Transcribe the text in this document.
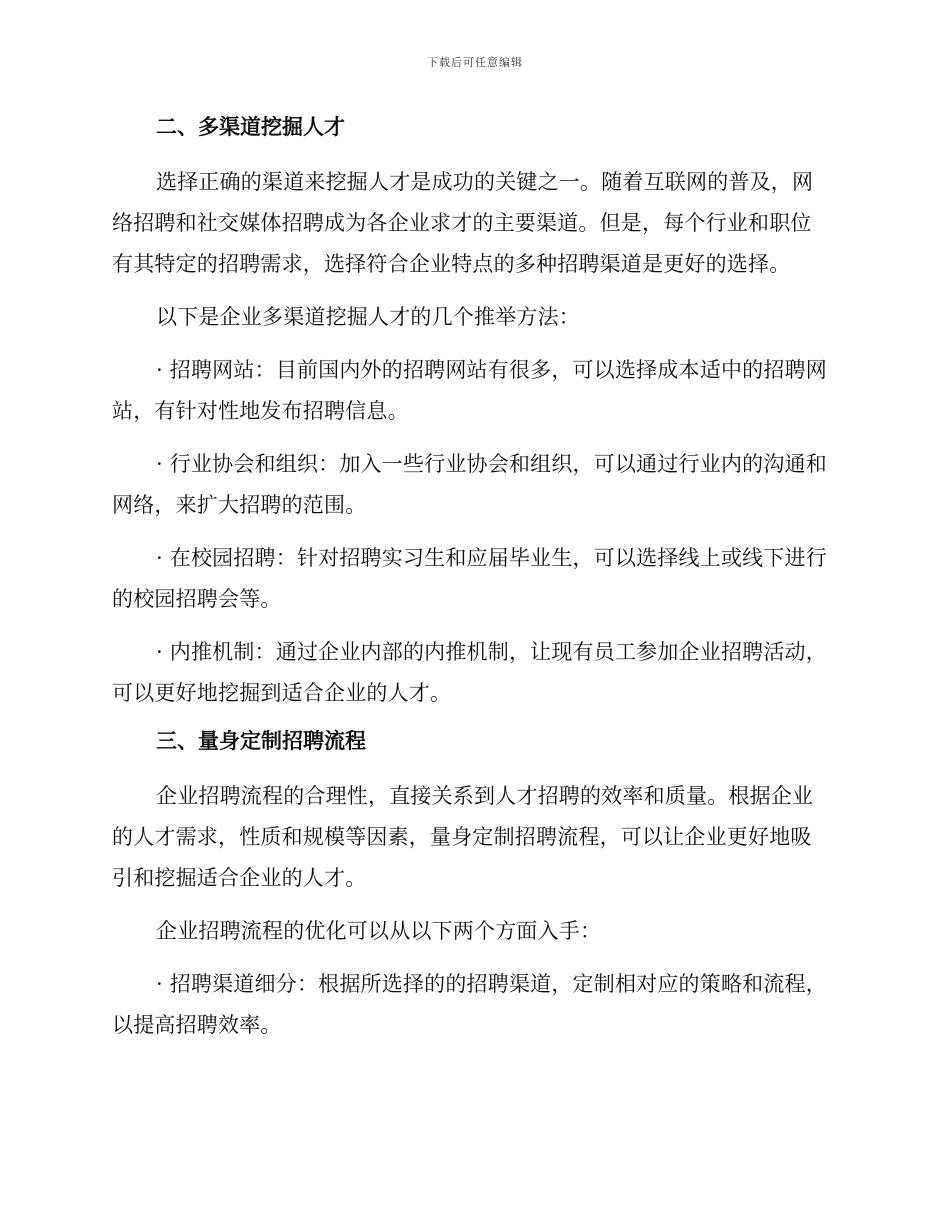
下载后可任意编辑
二、多渠道挖掘人才

选择正确的渠道来挖掘人才是成功的关键之一。随着互联网的普及，网络招聘和社交媒体招聘成为各企业求才的主要渠道。但是，每个行业和职位有其特定的招聘需求，选择符合企业特点的多种招聘渠道是更好的选择。

以下是企业多渠道挖掘人才的几个推举方法：

· 招聘网站：目前国内外的招聘网站有很多，可以选择成本适中的招聘网站，有针对性地发布招聘信息。

· 行业协会和组织：加入一些行业协会和组织，可以通过行业内的沟通和网络，来扩大招聘的范围。

· 在校园招聘：针对招聘实习生和应届毕业生，可以选择线上或线下进行的校园招聘会等。

· 内推机制：通过企业内部的内推机制，让现有员工参加企业招聘活动，可以更好地挖掘到适合企业的人才。

三、量身定制招聘流程

企业招聘流程的合理性，直接关系到人才招聘的效率和质量。根据企业的人才需求，性质和规模等因素，量身定制招聘流程，可以让企业更好地吸引和挖掘适合企业的人才。

企业招聘流程的优化可以从以下两个方面入手：

· 招聘渠道细分：根据所选择的的招聘渠道，定制相对应的策略和流程，以提高招聘效率。
